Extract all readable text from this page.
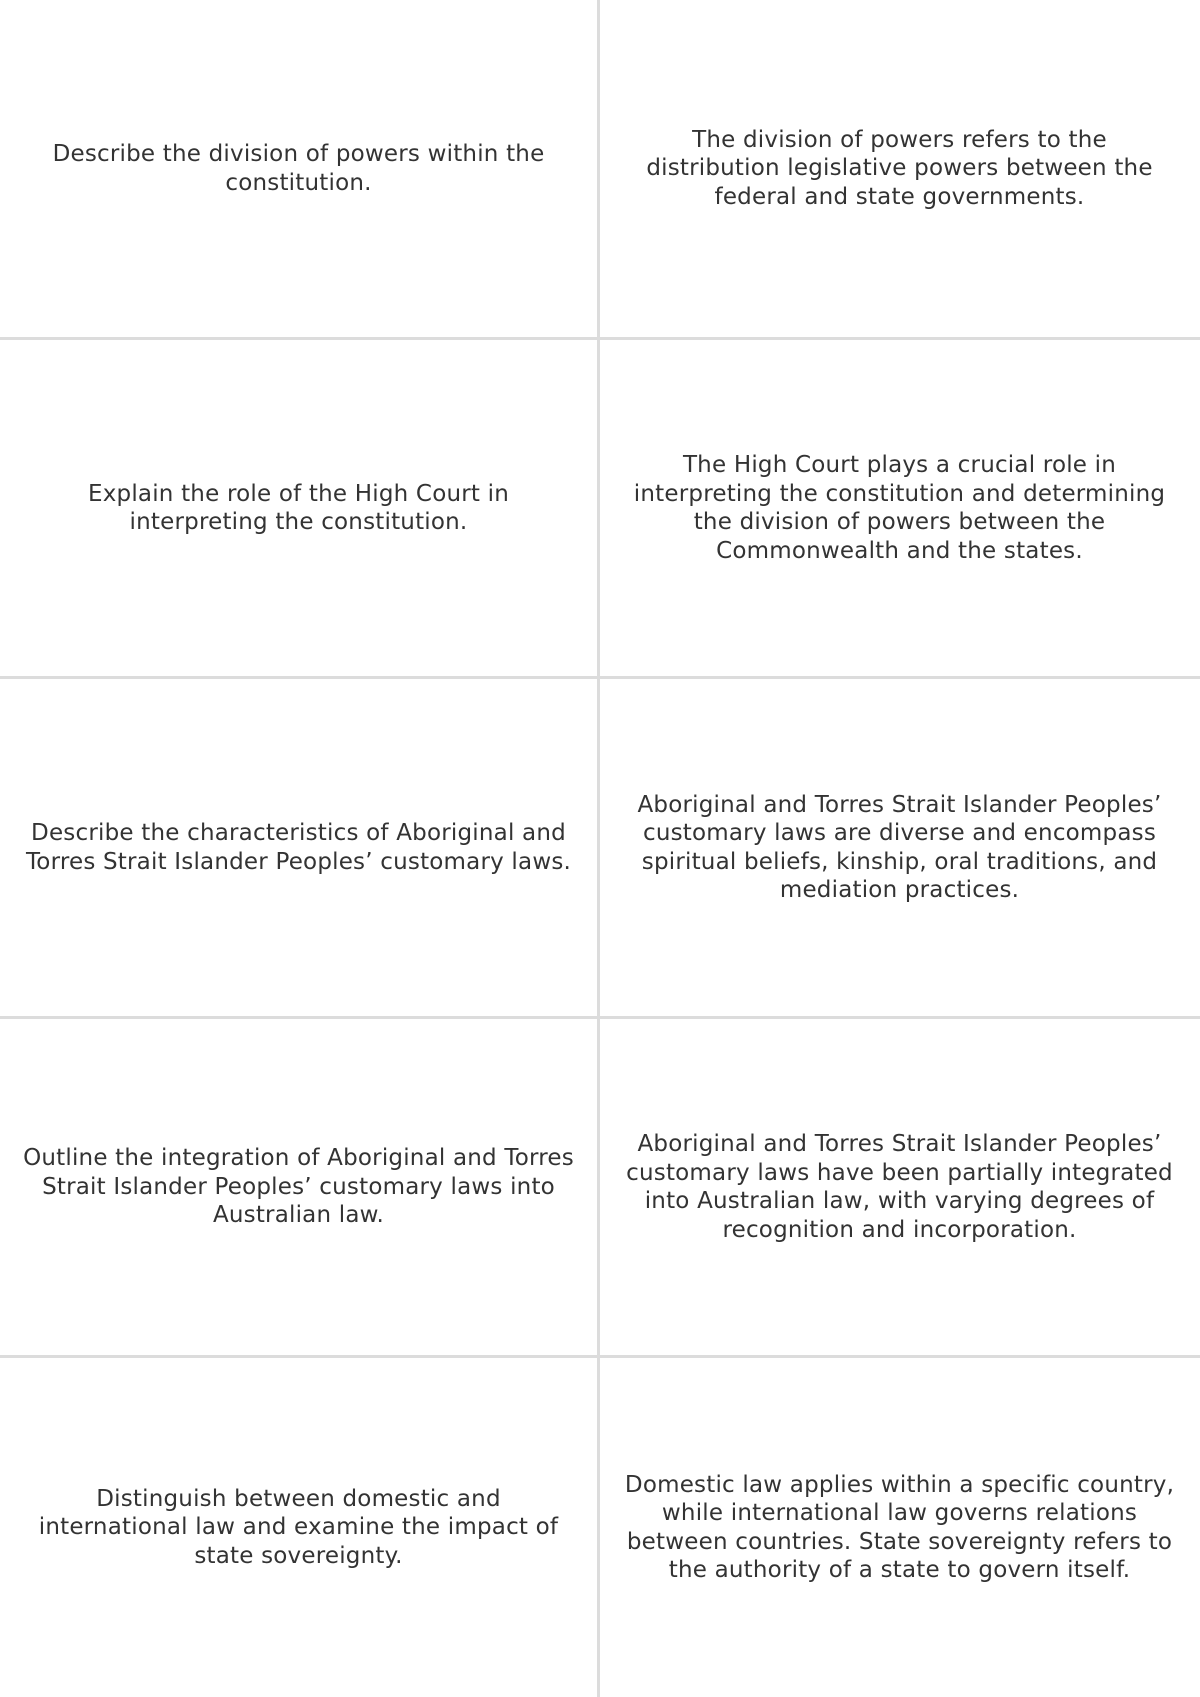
Describe the division of powers within the constitution.
The division of powers refers to the distribution legislative powers between the federal and state governments.
Explain the role of the High Court in interpreting the constitution.
The High Court plays a crucial role in interpreting the constitution and determining the division of powers between the Commonwealth and the states.
Describe the characteristics of Aboriginal and Torres Strait Islander Peoples’ customary laws.
Aboriginal and Torres Strait Islander Peoples’ customary laws are diverse and encompass spiritual beliefs, kinship, oral traditions, and mediation practices.
Outline the integration of Aboriginal and Torres Strait Islander Peoples’ customary laws into Australian law.
Aboriginal and Torres Strait Islander Peoples’ customary laws have been partially integrated into Australian law, with varying degrees of recognition and incorporation.
Distinguish between domestic and international law and examine the impact of state sovereignty.
Domestic law applies within a specific country, while international law governs relations between countries. State sovereignty refers to the authority of a state to govern itself.
